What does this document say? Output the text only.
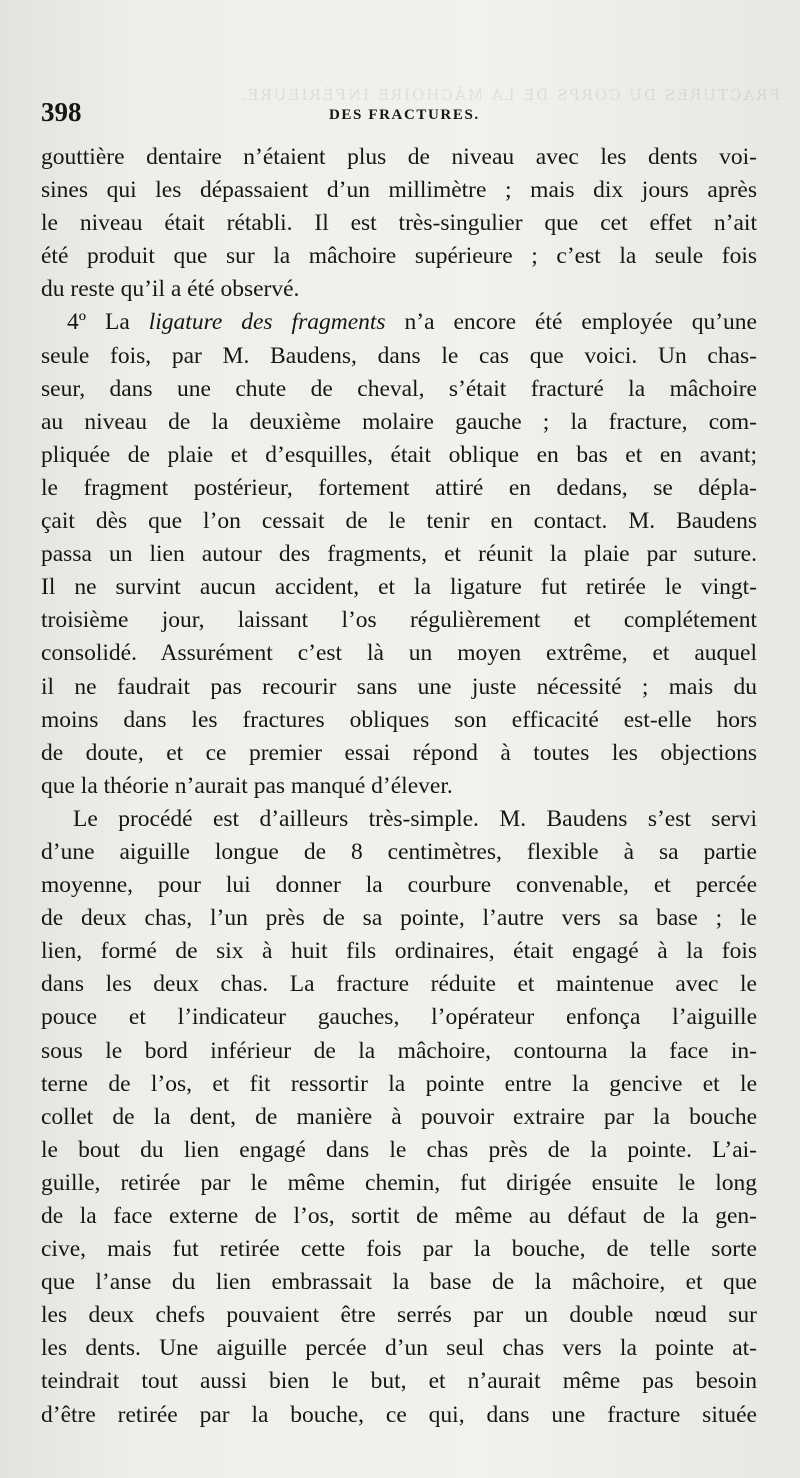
FRACTURES DU CORPS DE LA MÂCHOIRE INFÉRIEURE.
398	DES FRACTURES.
gouttière dentaire n’étaient plus de niveau avec les dents voi-
sines qui les dépassaient d’un millimètre ; mais dix jours après
le niveau était rétabli. Il est très-singulier que cet effet n’ait
été produit que sur la mâchoire supérieure ; c’est la seule fois
du reste qu’il a été observé.
4º La ligature des fragments n’a encore été employée qu’une
seule fois, par M. Baudens, dans le cas que voici. Un chas-
seur, dans une chute de cheval, s’était fracturé la mâchoire
au niveau de la deuxième molaire gauche ; la fracture, com-
pliquée de plaie et d’esquilles, était oblique en bas et en avant;
le fragment postérieur, fortement attiré en dedans, se dépla-
çait dès que l’on cessait de le tenir en contact. M. Baudens
passa un lien autour des fragments, et réunit la plaie par suture.
Il ne survint aucun accident, et la ligature fut retirée le vingt-
troisième jour, laissant l’os régulièrement et complétement
consolidé. Assurément c’est là un moyen extrême, et auquel
il ne faudrait pas recourir sans une juste nécessité ; mais du
moins dans les fractures obliques son efficacité est-elle hors
de doute, et ce premier essai répond à toutes les objections
que la théorie n’aurait pas manqué d’élever.
Le procédé est d’ailleurs très-simple. M. Baudens s’est servi
d’une aiguille longue de 8 centimètres, flexible à sa partie
moyenne, pour lui donner la courbure convenable, et percée
de deux chas, l’un près de sa pointe, l’autre vers sa base ; le
lien, formé de six à huit fils ordinaires, était engagé à la fois
dans les deux chas. La fracture réduite et maintenue avec le
pouce et l’indicateur gauches, l’opérateur enfonça l’aiguille
sous le bord inférieur de la mâchoire, contourna la face in-
terne de l’os, et fit ressortir la pointe entre la gencive et le
collet de la dent, de manière à pouvoir extraire par la bouche
le bout du lien engagé dans le chas près de la pointe. L’ai-
guille, retirée par le même chemin, fut dirigée ensuite le long
de la face externe de l’os, sortit de même au défaut de la gen-
cive, mais fut retirée cette fois par la bouche, de telle sorte
que l’anse du lien embrassait la base de la mâchoire, et que
les deux chefs pouvaient être serrés par un double nœud sur
les dents. Une aiguille percée d’un seul chas vers la pointe at-
teindrait tout aussi bien le but, et n’aurait même pas besoin
d’être retirée par la bouche, ce qui, dans une fracture située
